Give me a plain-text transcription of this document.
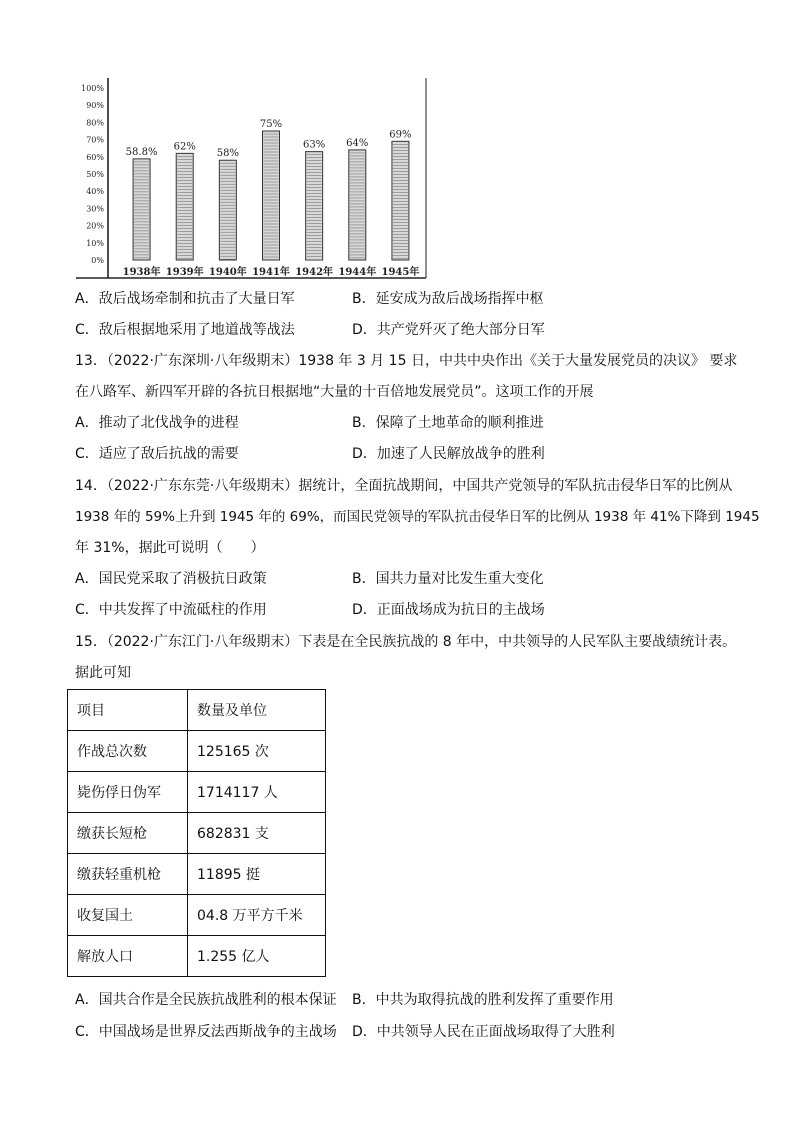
0%
10%
20%
30%
40%
50%
60%
70%
80%
90%
100%
58.8%
62%
58%
75%
63% 64%
69%
1938年 1939年 1940年 1941年 1942年 1944年 1945年
A．敌后战场牵制和抗击了大量日军	B．延安成为敌后战场指挥中枢
C．敌后根据地采用了地道战等战法	D．共产党歼灭了绝大部分日军
13．（2022·广东深圳·八年级期末）1938 年 3 月 15 日，中共中央作出《关于大量发展党员的决议》 要求
在八路军、新四军开辟的各抗日根据地“大量的十百倍地发展党员”。这项工作的开展
A．推动了北伐战争的进程	B．保障了土地革命的顺利推进
C．适应了敌后抗战的需要	D．加速了人民解放战争的胜利
14．（2022·广东东莞·八年级期末）据统计，全面抗战期间，中国共产党领导的军队抗击侵华日军的比例从
1938 年的 59%上升到 1945 年的 69%，而国民党领导的军队抗击侵华日军的比例从 1938 年 41%下降到 1945
年 31%，据此可说明（　　）
A．国民党采取了消极抗日政策	B．国共力量对比发生重大变化
C．中共发挥了中流砥柱的作用	D．正面战场成为抗日的主战场
15．（2022·广东江门·八年级期末）下表是在全民族抗战的 8 年中，中共领导的人民军队主要战绩统计表。
据此可知
项目	数量及单位
作战总次数	125165 次
毙伤俘日伪军	1714117 人
缴获长短枪	682831 支
缴获轻重机枪	11895 挺
收复国土	04.8 万平方千米
解放人口	1.255 亿人
A．国共合作是全民族抗战胜利的根本保证 B．中共为取得抗战的胜利发挥了重要作用
C．中国战场是世界反法西斯战争的主战场 D．中共领导人民在正面战场取得了大胜利
